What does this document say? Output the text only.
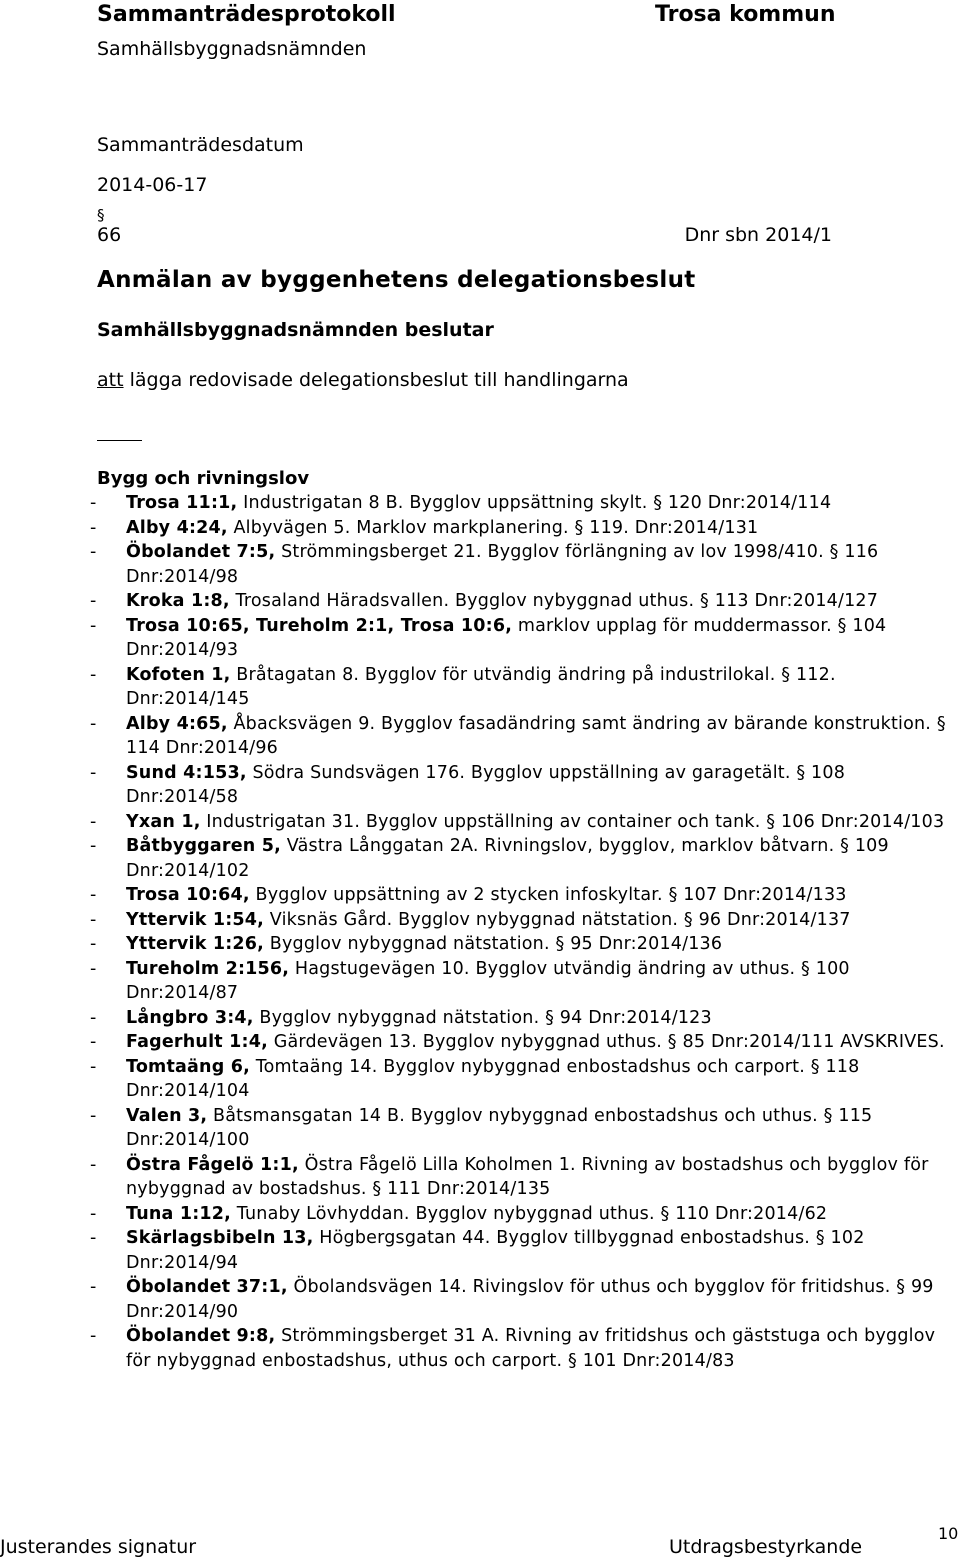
Sammanträdesprotokoll	Trosa kommun
Samhällsbyggnadsnämnden
Sammanträdesdatum
2014-06-17
§
66	Dnr sbn 2014/1
Anmälan av byggenhetens delegationsbeslut
Samhällsbyggnadsnämnden beslutar
att lägga redovisade delegationsbeslut till handlingarna
Bygg och rivningslov
- Trosa 11:1, Industrigatan 8 B. Bygglov uppsättning skylt. § 120 Dnr:2014/114
- Alby 4:24, Albyvägen 5. Marklov markplanering. § 119. Dnr:2014/131
- Öbolandet 7:5, Strömmingsberget 21. Bygglov förlängning av lov 1998/410. § 116 Dnr:2014/98
- Kroka 1:8, Trosaland Häradsvallen. Bygglov nybyggnad uthus. § 113 Dnr:2014/127
- Trosa 10:65, Tureholm 2:1, Trosa 10:6, marklov upplag för muddermassor. § 104 Dnr:2014/93
- Kofoten 1, Bråtagatan 8. Bygglov för utvändig ändring på industrilokal. § 112. Dnr:2014/145
- Alby 4:65, Åbacksvägen 9. Bygglov fasadändring samt ändring av bärande konstruktion. § 114 Dnr:2014/96
- Sund 4:153, Södra Sundsvägen 176. Bygglov uppställning av garagetält. § 108 Dnr:2014/58
- Yxan 1, Industrigatan 31. Bygglov uppställning av container och tank. § 106 Dnr:2014/103
- Båtbyggaren 5, Västra Långgatan 2A. Rivningslov, bygglov, marklov båtvarn. § 109 Dnr:2014/102
- Trosa 10:64, Bygglov uppsättning av 2 stycken infoskyltar. § 107 Dnr:2014/133
- Yttervik 1:54, Viksnäs Gård. Bygglov nybyggnad nätstation. § 96 Dnr:2014/137
- Yttervik 1:26, Bygglov nybyggnad nätstation. § 95 Dnr:2014/136
- Tureholm 2:156, Hagstugevägen 10. Bygglov utvändig ändring av uthus. § 100 Dnr:2014/87
- Långbro 3:4, Bygglov nybyggnad nätstation. § 94 Dnr:2014/123
- Fagerhult 1:4, Gärdevägen 13. Bygglov nybyggnad uthus. § 85 Dnr:2014/111 AVSKRIVES.
- Tomtaäng 6, Tomtaäng 14. Bygglov nybyggnad enbostadshus och carport. § 118 Dnr:2014/104
- Valen 3, Båtsmansgatan 14 B. Bygglov nybyggnad enbostadshus och uthus. § 115 Dnr:2014/100
- Östra Fågelö 1:1, Östra Fågelö Lilla Koholmen 1. Rivning av bostadshus och bygglov för nybyggnad av bostadshus. § 111 Dnr:2014/135
- Tuna 1:12, Tunaby Lövhyddan. Bygglov nybyggnad uthus. § 110 Dnr:2014/62
- Skärlagsbibeln 13, Högbergsgatan 44. Bygglov tillbyggnad enbostadshus. § 102 Dnr:2014/94
- Öbolandet 37:1, Öbolandsvägen 14. Rivingslov för uthus och bygglov för fritidshus. § 99 Dnr:2014/90
- Öbolandet 9:8, Strömmingsberget 31 A. Rivning av fritidshus och gäststuga och bygglov för nybyggnad enbostadshus, uthus och carport. § 101 Dnr:2014/83
Justerandes signatur	Utdragsbestyrkande
10
